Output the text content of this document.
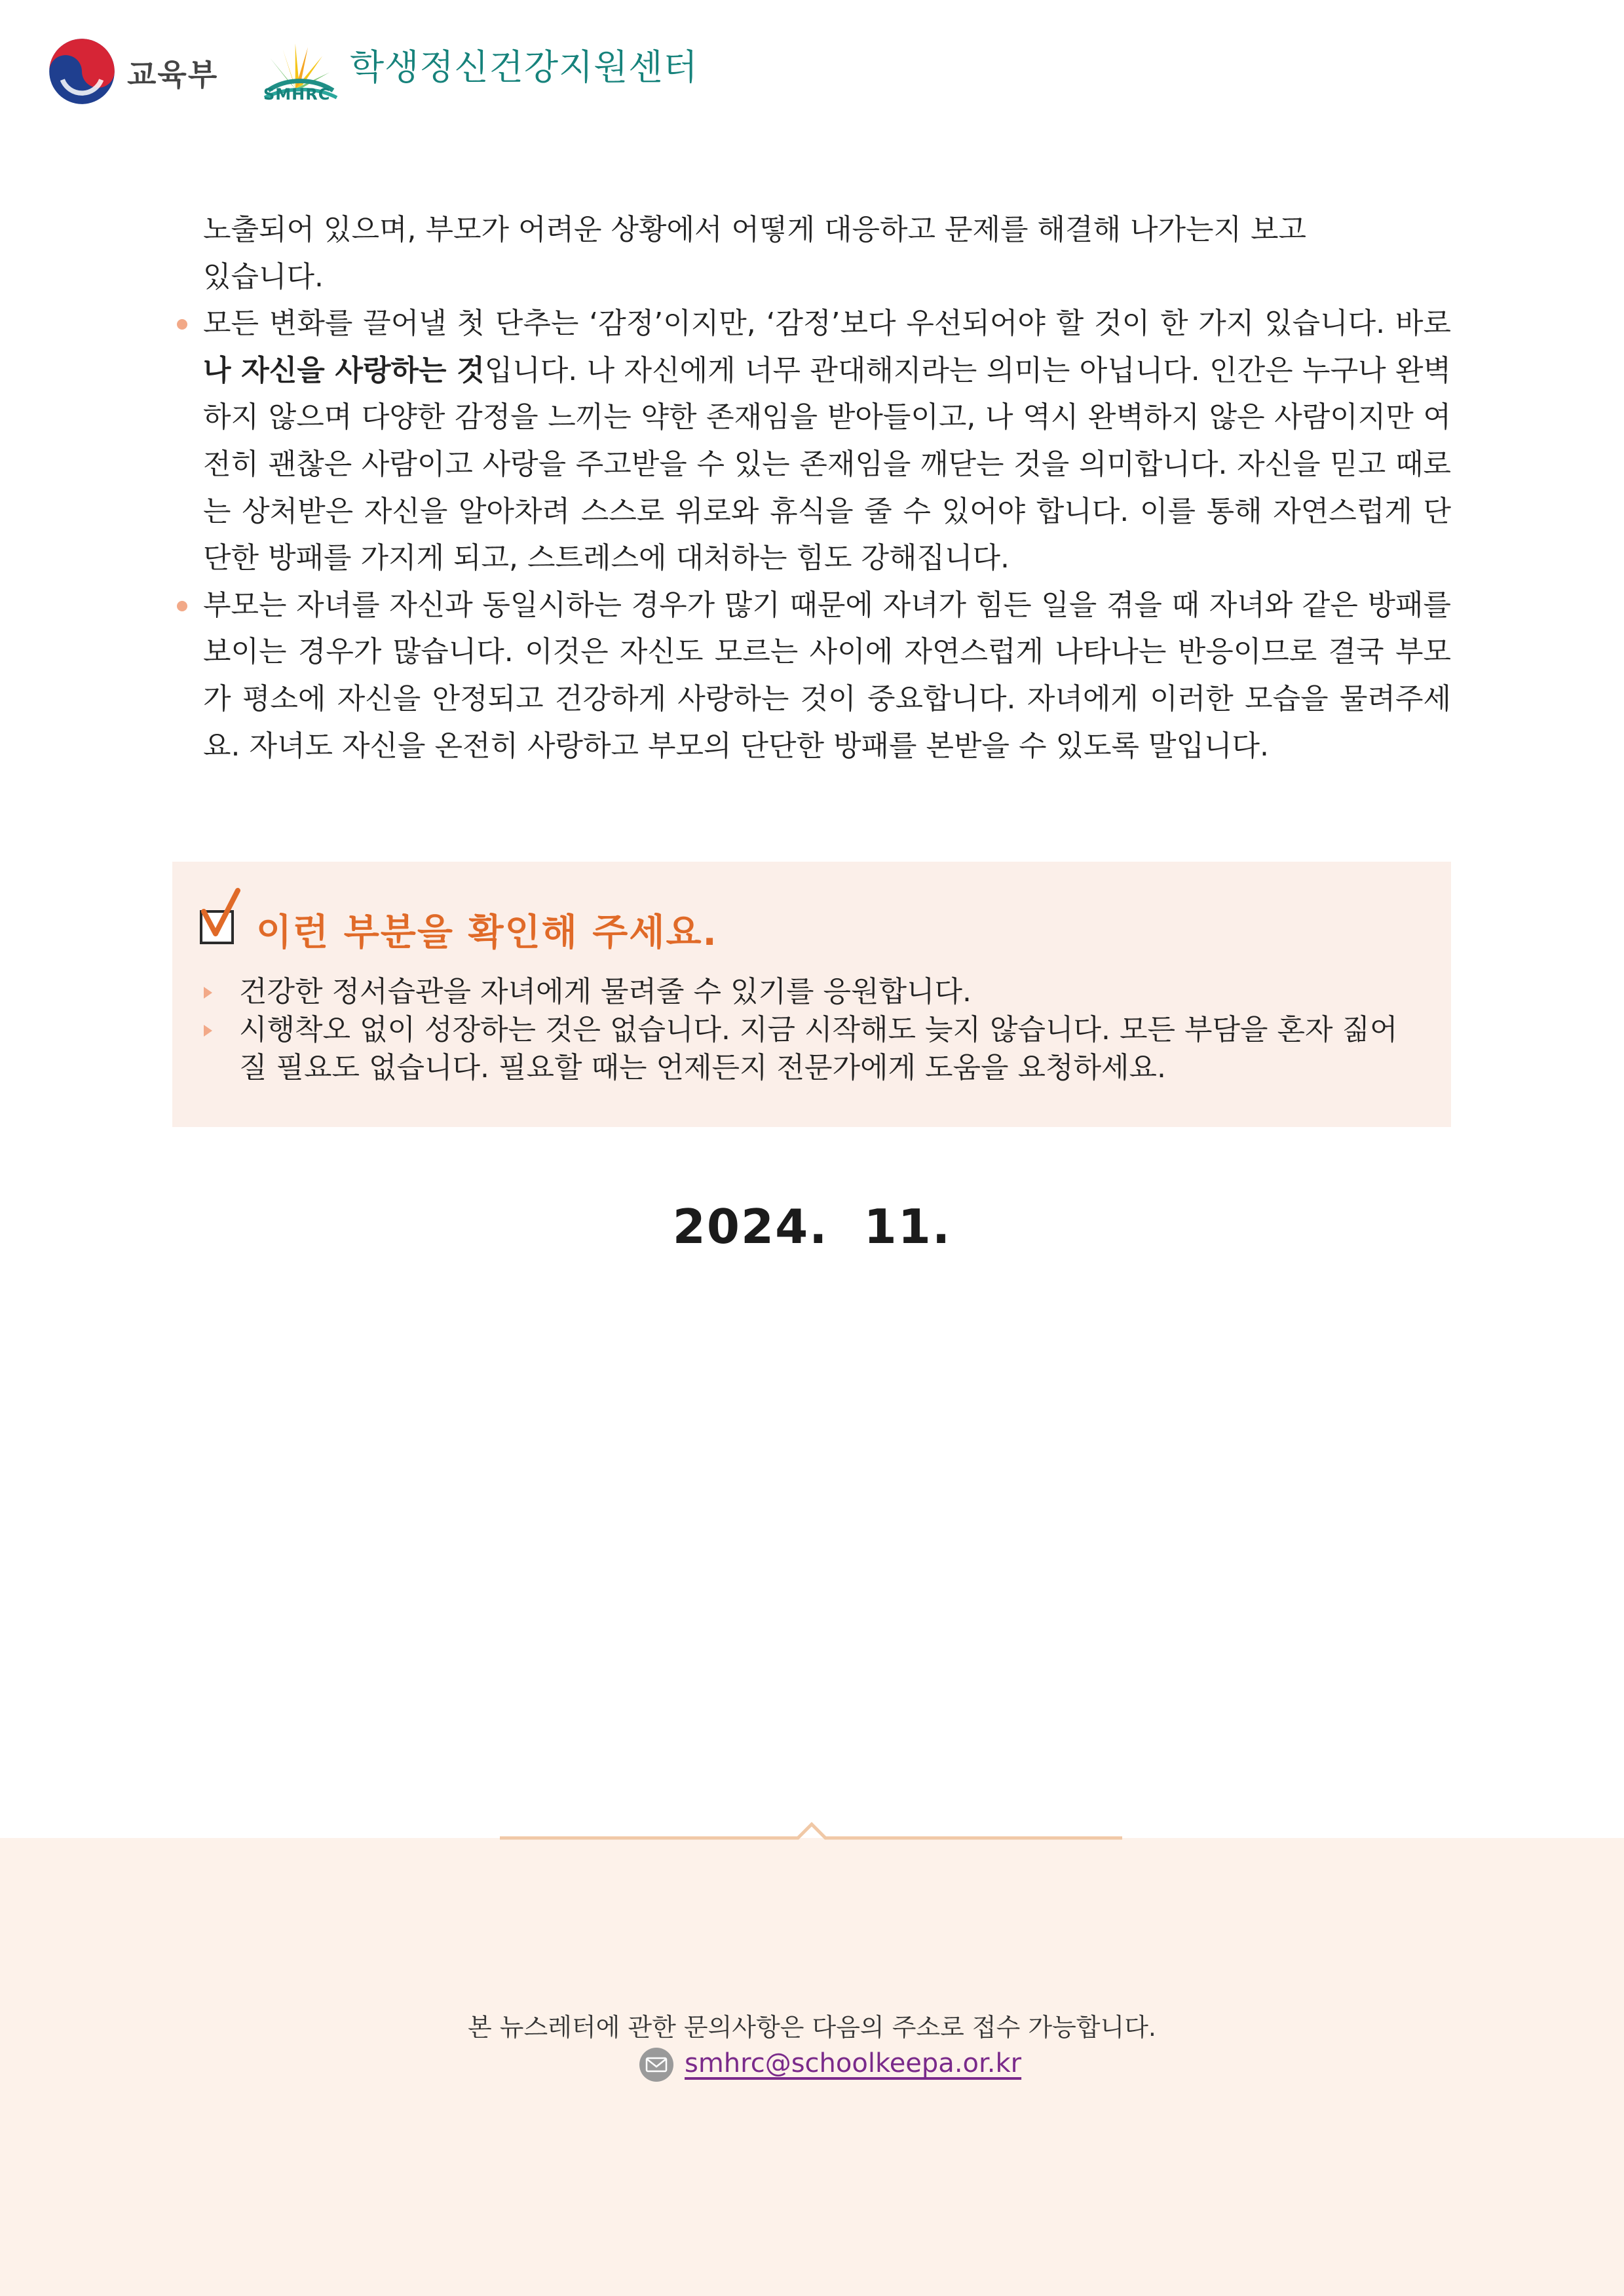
교육부
SMHRC
학생정신건강지원센터

노출되어 있으며, 부모가 어려운 상황에서 어떻게 대응하고 문제를 해결해 나가는지 보고
있습니다.

모든 변화를 끌어낼 첫 단추는 ‘감정’이지만, ‘감정’보다 우선되어야 할 것이 한 가지 있습니다. 바로 나 자신을 사랑하는 것입니다. 나 자신에게 너무 관대해지라는 의미는 아닙니다. 인간은 누구나 완벽하지 않으며 다양한 감정을 느끼는 약한 존재임을 받아들이고, 나 역시 완벽하지 않은 사람이지만 여전히 괜찮은 사람이고 사랑을 주고받을 수 있는 존재임을 깨닫는 것을 의미합니다. 자신을 믿고 때로는 상처받은 자신을 알아차려 스스로 위로와 휴식을 줄 수 있어야 합니다. 이를 통해 자연스럽게 단단한 방패를 가지게 되고, 스트레스에 대처하는 힘도 강해집니다.

부모는 자녀를 자신과 동일시하는 경우가 많기 때문에 자녀가 힘든 일을 겪을 때 자녀와 같은 방패를 보이는 경우가 많습니다. 이것은 자신도 모르는 사이에 자연스럽게 나타나는 반응이므로 결국 부모가 평소에 자신을 안정되고 건강하게 사랑하는 것이 중요합니다. 자녀에게 이러한 모습을 물려주세요. 자녀도 자신을 온전히 사랑하고 부모의 단단한 방패를 본받을 수 있도록 말입니다.

이런 부분을 확인해 주세요.

건강한 정서습관을 자녀에게 물려줄 수 있기를 응원합니다.

시행착오 없이 성장하는 것은 없습니다. 지금 시작해도 늦지 않습니다. 모든 부담을 혼자 짊어질 필요도 없습니다. 필요할 때는 언제든지 전문가에게 도움을 요청하세요.

2024.  11.
본 뉴스레터에 관한 문의사항은 다음의 주소로 접수 가능합니다.
smhrc@schoolkeepa.or.kr
